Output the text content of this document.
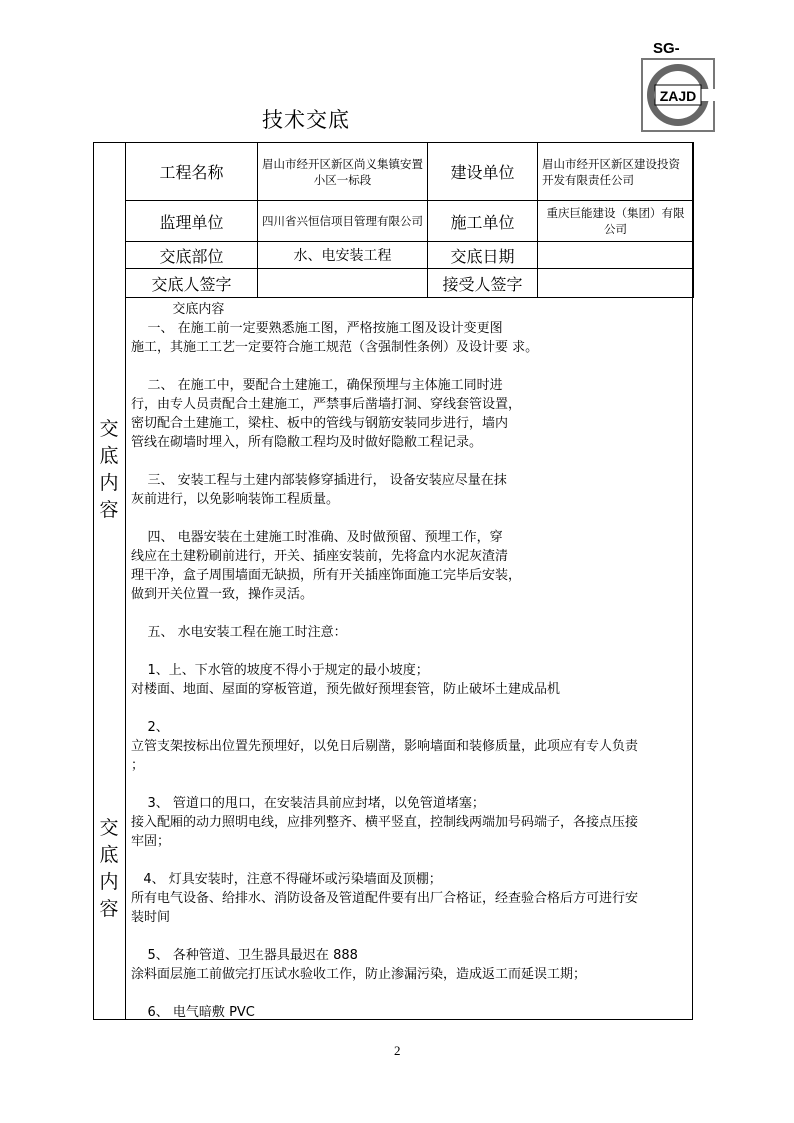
SG-
ZAJD
技术交底
交
底
内
容
交
底
内
容
工程名称	眉山市经开区新区尚义集镇安置小区一标段	建设单位	眉山市经开区新区建设投资开发有限责任公司
监理单位	四川省兴恒信项目管理有限公司	施工单位	重庆巨能建设（集团）有限公司
交底部位	水、电安装工程	交底日期	
交底人签字		接受人签字	

交底内容

一、 在施工前一定要熟悉施工图，严格按施工图及设计变更图

施工，其施工工艺一定要符合施工规范（含强制性条例）及设计要 求。

二、 在施工中，要配合土建施工，确保预埋与主体施工同时进

行，由专人员责配合土建施工，严禁事后凿墙打洞、穿线套管设置，

密切配合土建施工，梁柱、板中的管线与钢筋安装同步进行，墙内

管线在砌墙时埋入，所有隐敝工程均及时做好隐敝工程记录。

三、 安装工程与土建内部装修穿插进行， 设备安装应尽量在抹

灰前进行，以免影响装饰工程质量。

四、 电器安装在土建施工时准确、及时做预留、预埋工作，穿

线应在土建粉刷前进行，开关、插座安装前，先将盒内水泥灰渣清

理干净，盒子周围墙面无缺损，所有开关插座饰面施工完毕后安装，

做到开关位置一致，操作灵活。

五、 水电安装工程在施工时注意：

1、上、下水管的坡度不得小于规定的最小坡度；

对楼面、地面、屋面的穿板管道，预先做好预埋套管，防止破坏土建成品机

2、

立管支架按标出位置先预埋好，以免日后剔凿，影响墙面和装修质量，此项应有专人负责

；

3、 管道口的甩口，在安装洁具前应封堵，以免管道堵塞；

接入配厢的动力照明电线，应排列整齐、横平竖直，控制线两端加号码端子，各接点压接

牢固；

4、 灯具安装时，注意不得碰坏或污染墙面及顶棚；

所有电气设备、给排水、消防设备及管道配件要有出厂合格证，经查验合格后方可进行安

装时间

5、 各种管道、卫生器具最迟在 888

涂料面层施工前做完打压试水验收工作，防止渗漏污染，造成返工而延误工期；

6、 电气暗敷 PVC

2
